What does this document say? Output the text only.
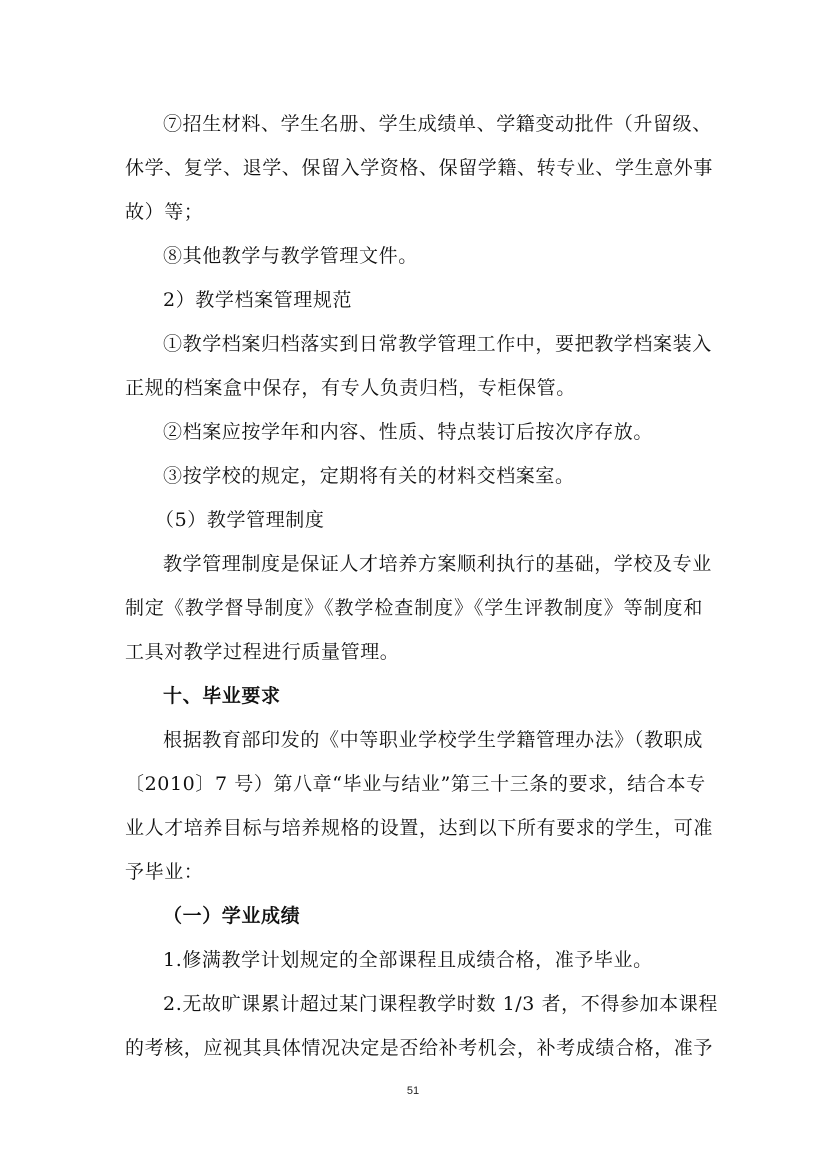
⑦招生材料、学生名册、学生成绩单、学籍变动批件（升留级、
休学、复学、退学、保留入学资格、保留学籍、转专业、学生意外事
故）等；
⑧其他教学与教学管理文件。
2）教学档案管理规范
①教学档案归档落实到日常教学管理工作中，要把教学档案装入
正规的档案盒中保存，有专人负责归档，专柜保管。
②档案应按学年和内容、性质、特点装订后按次序存放。
③按学校的规定，定期将有关的材料交档案室。
（5）教学管理制度
教学管理制度是保证人才培养方案顺利执行的基础，学校及专业
制定《教学督导制度》《教学检查制度》《学生评教制度》等制度和
工具对教学过程进行质量管理。
十、毕业要求
根据教育部印发的《中等职业学校学生学籍管理办法》（教职成
〔2010〕7 号）第八章“毕业与结业”第三十三条的要求，结合本专
业人才培养目标与培养规格的设置，达到以下所有要求的学生，可准
予毕业：
（一）学业成绩
1.修满教学计划规定的全部课程且成绩合格，准予毕业。
2.无故旷课累计超过某门课程教学时数 1/3 者，不得参加本课程
的考核，应视其具体情况决定是否给补考机会，补考成绩合格，准予
51
